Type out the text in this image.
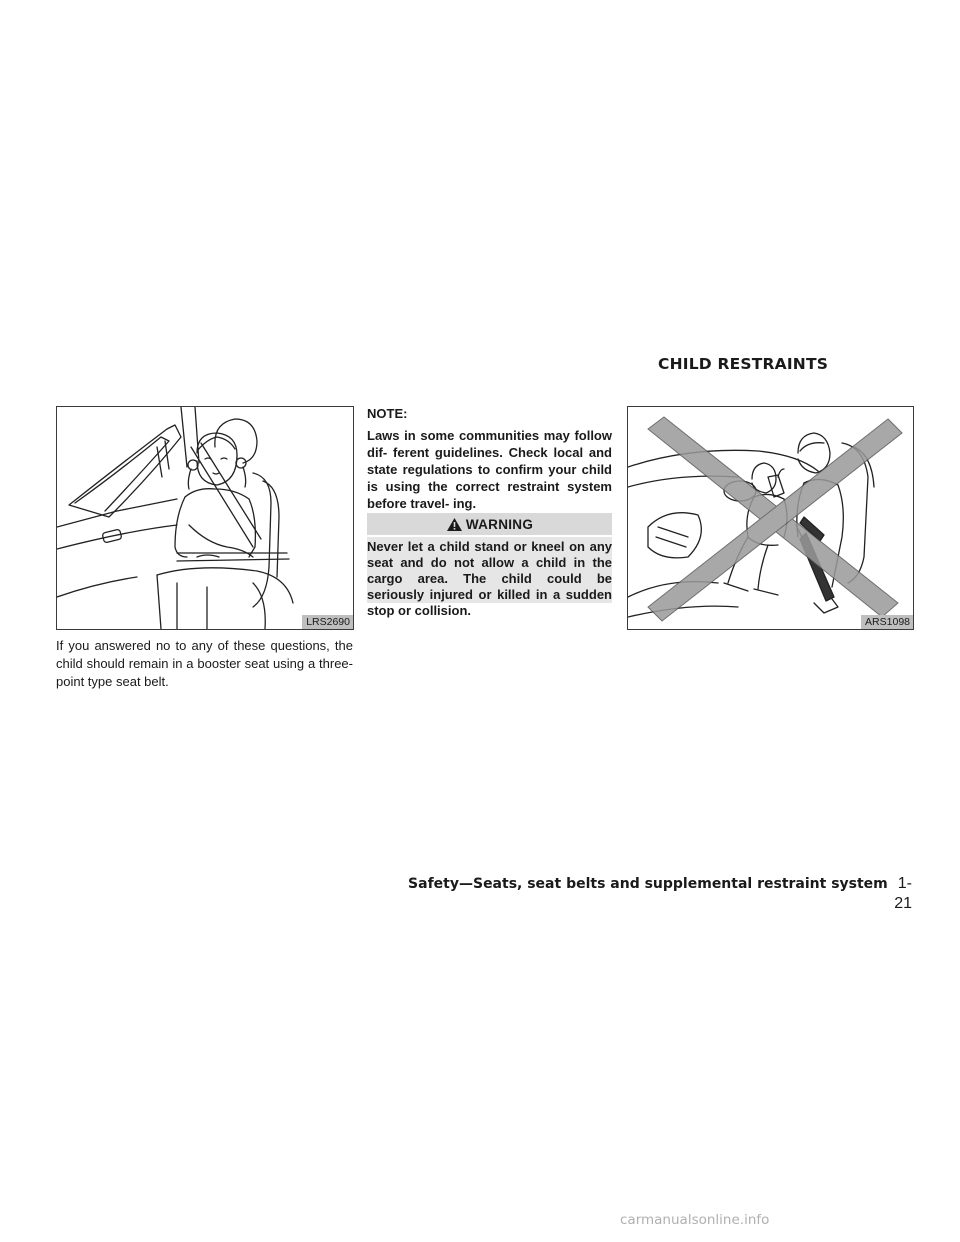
CHILD RESTRAINTS
LRS2690

If you answered no to any of these questions, the child should remain in a booster seat using a three-point type seat belt.

NOTE:

Laws in some communities may follow dif- ferent guidelines. Check local and state regulations to confirm your child is using the correct restraint system before travel- ing.

WARNING

Never let a child stand or kneel on any seat and do not allow a child in the cargo area. The child could be seriously injured or killed in a sudden stop or collision.

ARS1098

Safety—Seats, seat belts and supplemental restraint system 1-21

carmanualsonline.info
